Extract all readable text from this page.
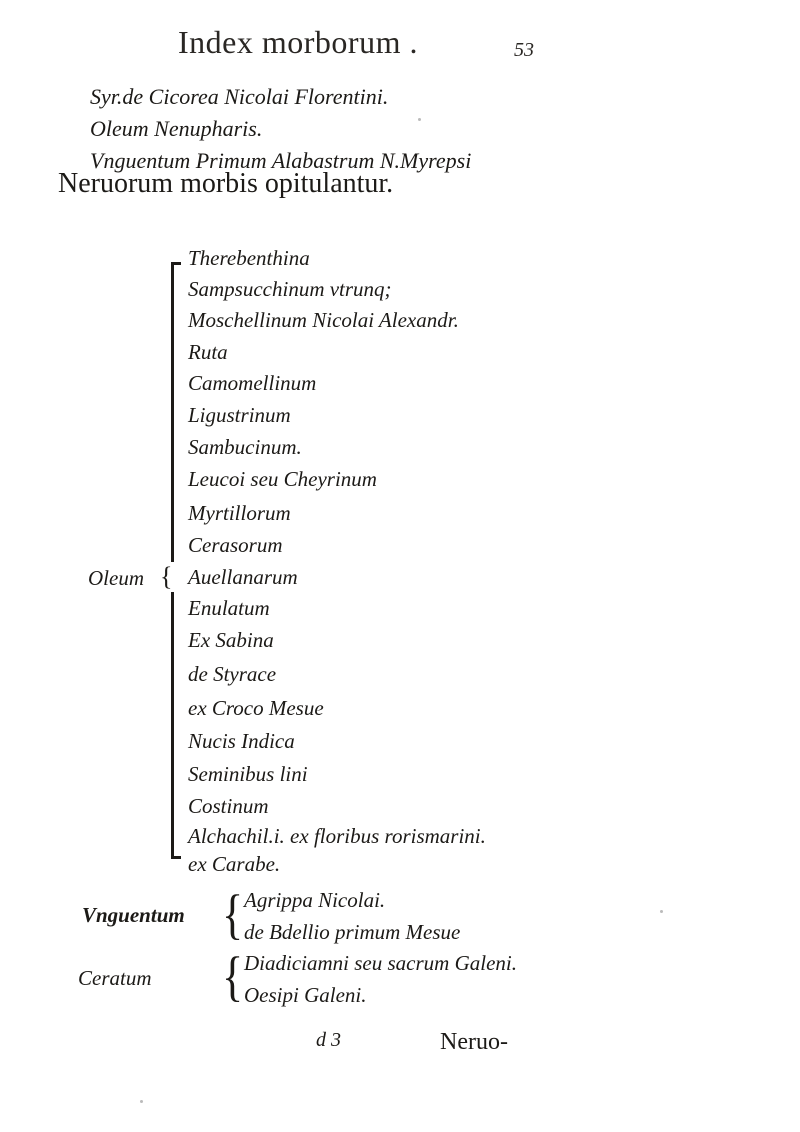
Index morborum .	53
Syr.de Cicorea Nicolai Florentini.
Oleum Nenupharis.
Vnguentum Primum Alabastrum N.Myrepsi
Neruorum morbis opitulantur.
{
Oleum
Therebenthina
Sampsucchinum vtrunq;
Moschellinum Nicolai Alexandr.
Ruta
Camomellinum
Ligustrinum
Sambucinum.
Leucoi seu Cheyrinum
Myrtillorum
Cerasorum
Auellanarum
Enulatum
Ex Sabina
de Styrace
ex Croco Mesue
Nucis Indica
Seminibus lini
Costinum
Alchachil.i. ex floribus rorismarini.
ex Carabe.
Vnguentum { Agrippa Nicolai.
de Bdellio primum Mesue
Ceratum { Diadiciamni seu sacrum Galeni.
Oesipi Galeni.
d 3	Neruo-
